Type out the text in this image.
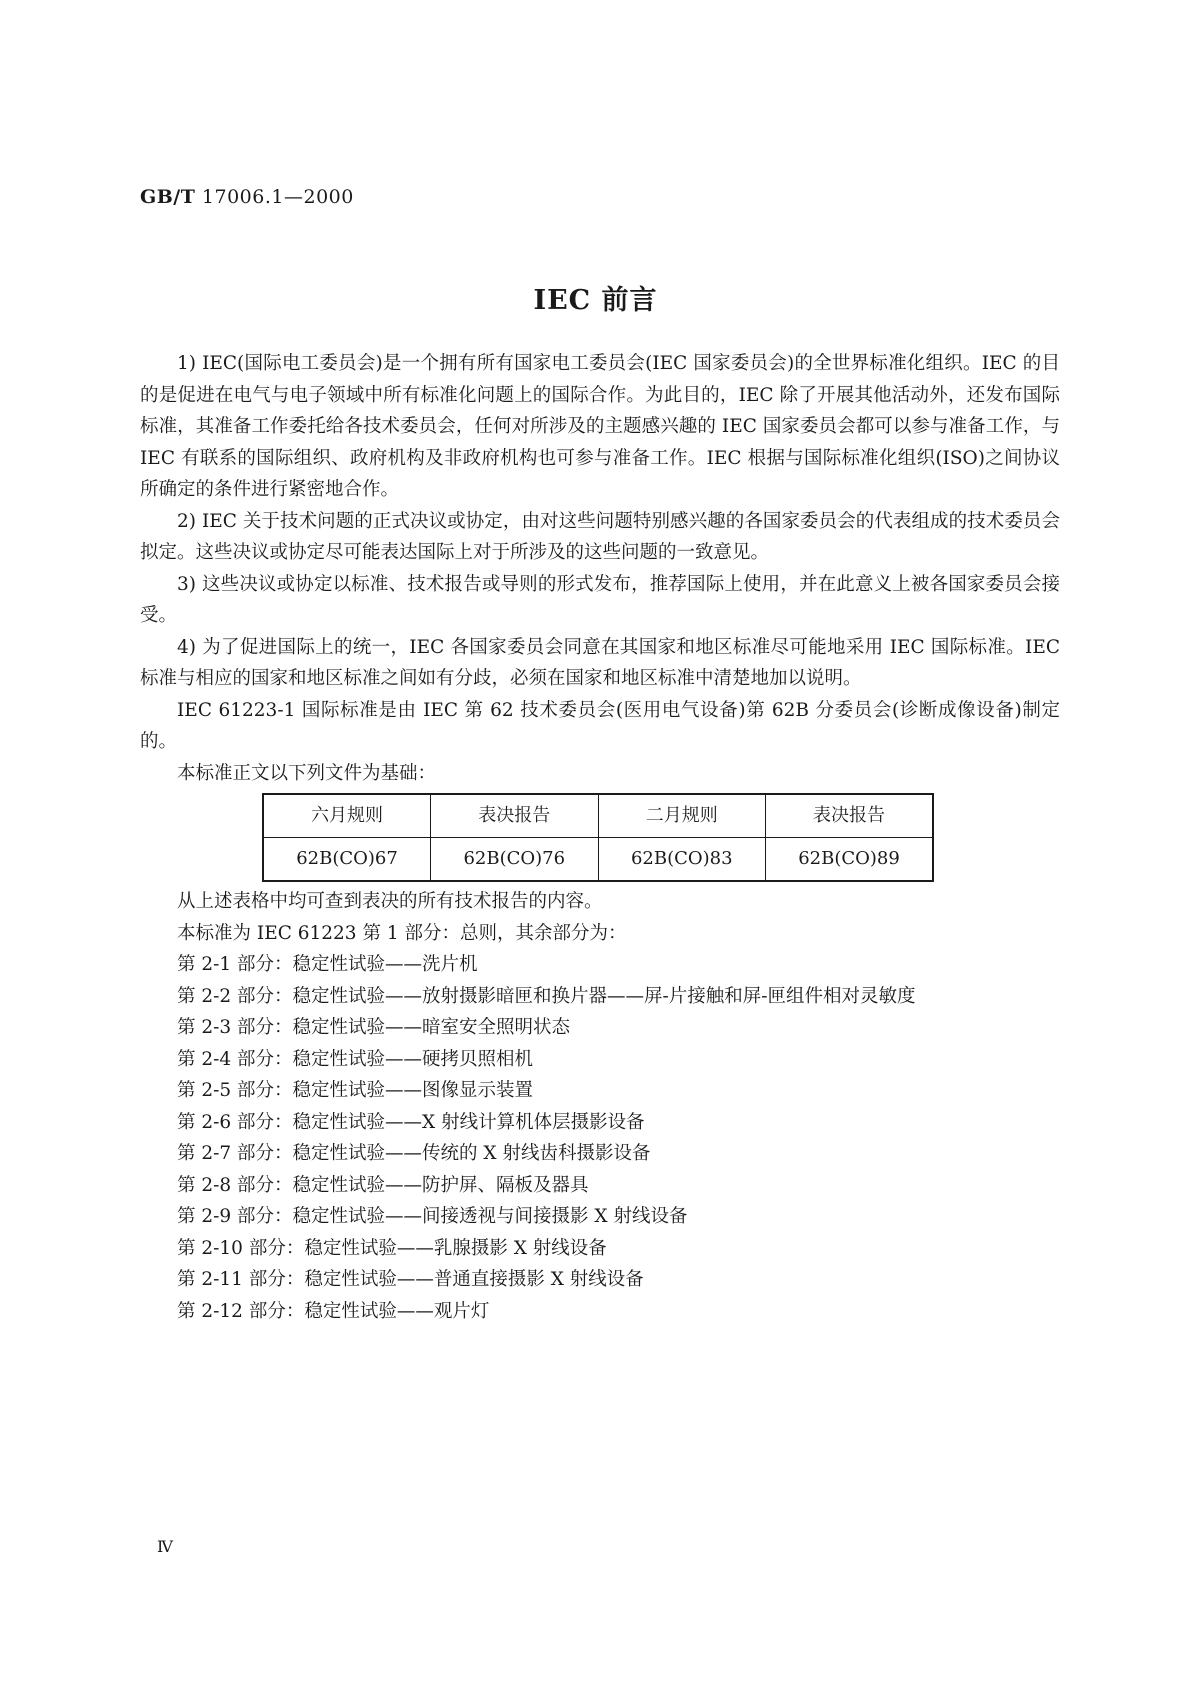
GB/T 17006.1—2000
IEC 前言

1) IEC(国际电工委员会)是一个拥有所有国家电工委员会(IEC 国家委员会)的全世界标准化组织。IEC 的目的是促进在电气与电子领域中所有标准化问题上的国际合作。为此目的，IEC 除了开展其他活动外，还发布国际标准，其准备工作委托给各技术委员会，任何对所涉及的主题感兴趣的 IEC 国家委员会都可以参与准备工作，与 IEC 有联系的国际组织、政府机构及非政府机构也可参与准备工作。IEC 根据与国际标准化组织(ISO)之间协议所确定的条件进行紧密地合作。

2) IEC 关于技术问题的正式决议或协定，由对这些问题特别感兴趣的各国家委员会的代表组成的技术委员会拟定。这些决议或协定尽可能表达国际上对于所涉及的这些问题的一致意见。

3) 这些决议或协定以标准、技术报告或导则的形式发布，推荐国际上使用，并在此意义上被各国家委员会接受。

4) 为了促进国际上的统一，IEC 各国家委员会同意在其国家和地区标准尽可能地采用 IEC 国际标准。IEC 标准与相应的国家和地区标准之间如有分歧，必须在国家和地区标准中清楚地加以说明。

IEC 61223-1 国际标准是由 IEC 第 62 技术委员会(医用电气设备)第 62B 分委员会(诊断成像设备)制定的。

本标准正文以下列文件为基础：

六月规则	表决报告	二月规则	表决报告
62B(CO)67	62B(CO)76	62B(CO)83	62B(CO)89

从上述表格中均可查到表决的所有技术报告的内容。

本标准为 IEC 61223 第 1 部分：总则，其余部分为：

第 2-1 部分：稳定性试验——洗片机
第 2-2 部分：稳定性试验——放射摄影暗匣和换片器——屏-片接触和屏-匣组件相对灵敏度
第 2-3 部分：稳定性试验——暗室安全照明状态
第 2-4 部分：稳定性试验——硬拷贝照相机
第 2-5 部分：稳定性试验——图像显示装置
第 2-6 部分：稳定性试验——X 射线计算机体层摄影设备
第 2-7 部分：稳定性试验——传统的 X 射线齿科摄影设备
第 2-8 部分：稳定性试验——防护屏、隔板及器具
第 2-9 部分：稳定性试验——间接透视与间接摄影 X 射线设备
第 2-10 部分：稳定性试验——乳腺摄影 X 射线设备
第 2-11 部分：稳定性试验——普通直接摄影 X 射线设备
第 2-12 部分：稳定性试验——观片灯
Ⅳ
